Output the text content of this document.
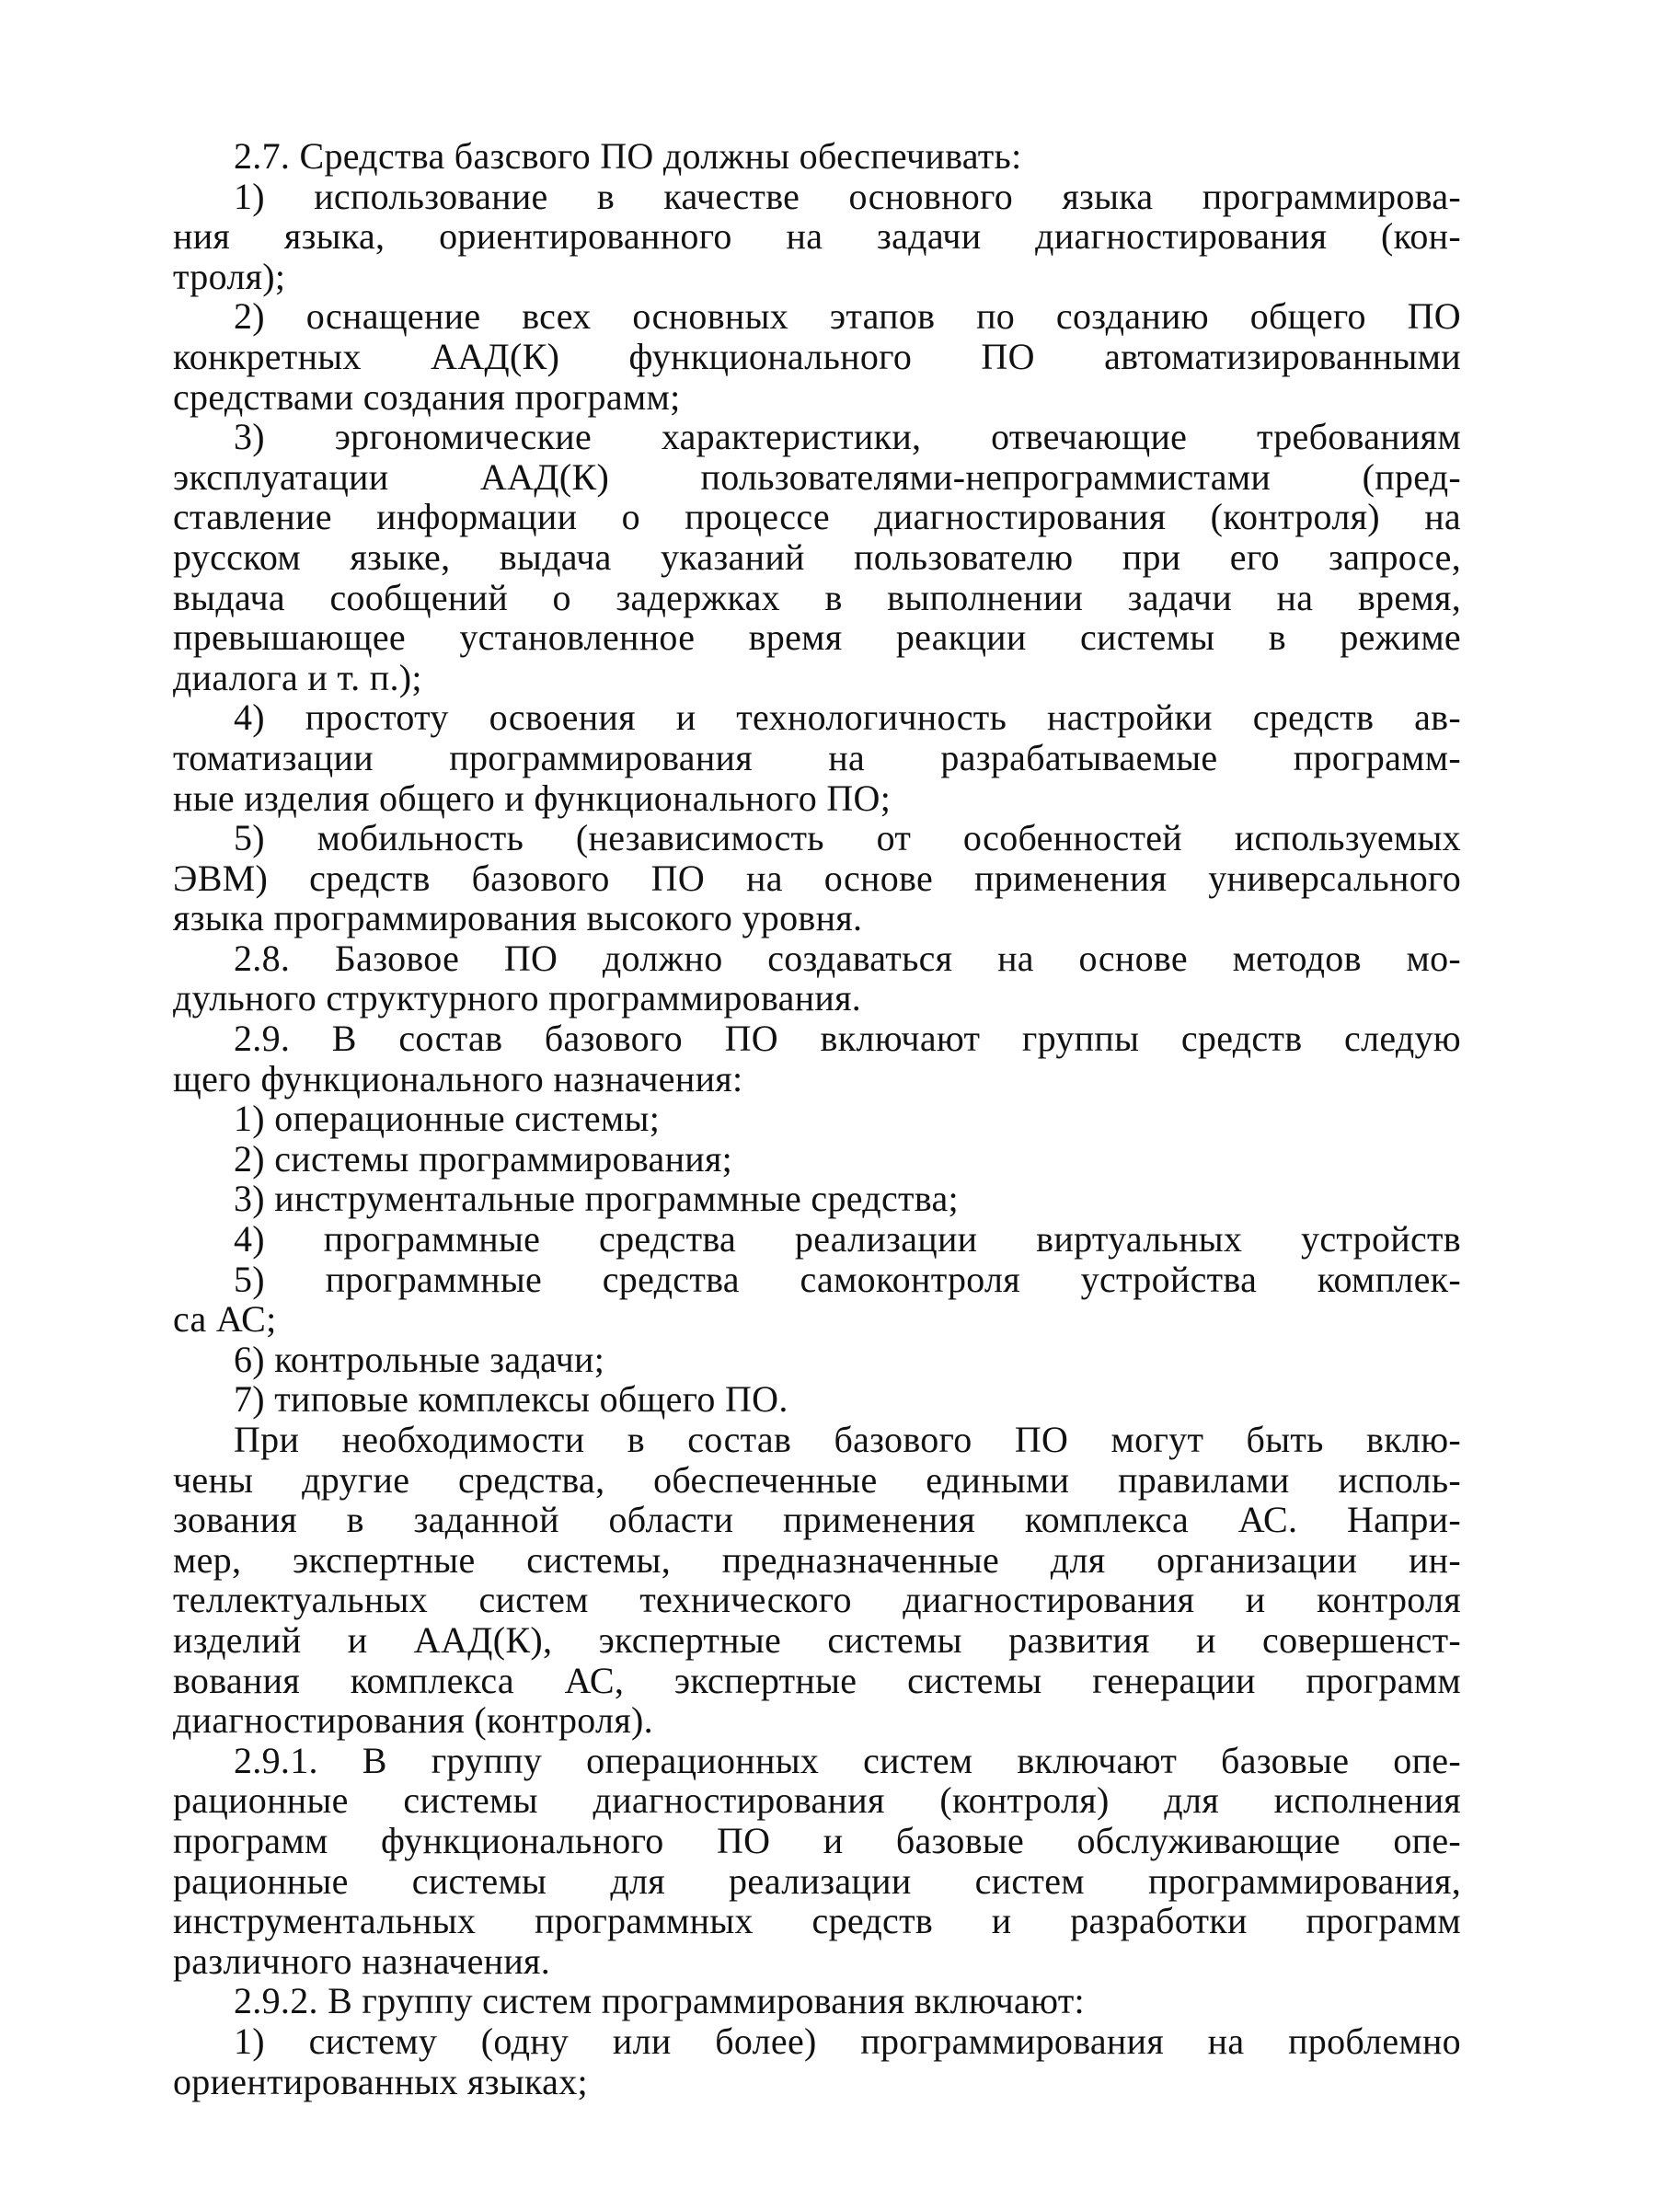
2.7. Средства базсвого ПО должны обеспечивать:
1) использование в качестве основного языка программирова-
ния языка, ориентированного на задачи диагностирования (кон-
троля);
2) оснащение всех основных этапов по созданию общего ПО
конкретных ААД(К) функционального ПО автоматизированными
средствами создания программ;
3) эргономические характеристики, отвечающие требованиям
эксплуатации ААД(К) пользователями-непрограммистами (пред-
ставление информации о процессе диагностирования (контроля) на
русском языке, выдача указаний пользователю при его запросе,
выдача сообщений о задержках в выполнении задачи на время,
превышающее установленное время реакции системы в режиме
диалога и т. п.);
4) простоту освоения и технологичность настройки средств ав-
томатизации программирования на разрабатываемые программ-
ные изделия общего и функционального ПО;
5) мобильность (независимость от особенностей используемых
ЭВМ) средств базового ПО на основе применения универсального
языка программирования высокого уровня.
2.8. Базовое ПО должно создаваться на основе методов мо-
дульного структурного программирования.
2.9. В состав базового ПО включают группы средств следую
щего функционального назначения:
1) операционные системы;
2) системы программирования;
3) инструментальные программные средства;
4) программные средства реализации виртуальных устройств
5) программные средства самоконтроля устройства комплек-
са АС;
6) контрольные задачи;
7) типовые комплексы общего ПО.
При необходимости в состав базового ПО могут быть вклю-
чены другие средства, обеспеченные едиными правилами исполь-
зования в заданной области применения комплекса АС. Напри-
мер, экспертные системы, предназначенные для организации ин-
теллектуальных систем технического диагностирования и контроля
изделий и ААД(К), экспертные системы развития и совершенст-
вования комплекса АС, экспертные системы генерации программ
диагностирования (контроля).
2.9.1. В группу операционных систем включают базовые опе-
рационные системы диагностирования (контроля) для исполнения
программ функционального ПО и базовые обслуживающие опе-
рационные системы для реализации систем программирования,
инструментальных программных средств и разработки программ
различного назначения.
2.9.2. В группу систем программирования включают:
1) систему (одну или более) программирования на проблемно
ориентированных языках;
